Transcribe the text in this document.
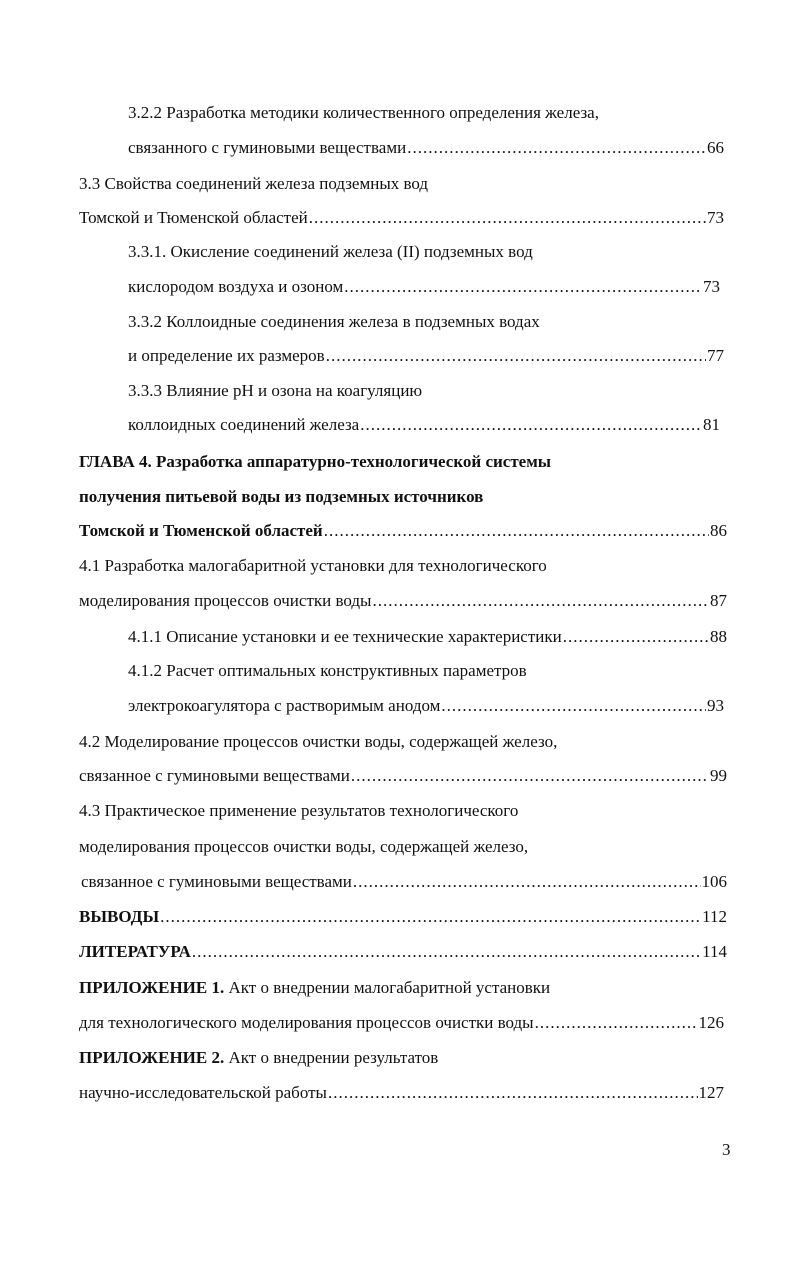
3.2.2 Разработка методики количественного определения железа,
связанного с гуминовыми веществами .....	66
3.3 Свойства соединений железа подземных вод
Томской и Тюменской областей .....	73
3.3.1. Окисление соединений железа (II) подземных вод
кислородом воздуха и озоном .....	73
3.3.2 Коллоидные соединения железа в подземных водах
и определение их размеров .....	77
3.3.3 Влияние рН и озона на коагуляцию
коллоидных соединений железа .....	81
ГЛАВА 4. Разработка аппаратурно-технологической системы
получения питьевой воды из подземных источников
Томской и Тюменской областей .....	86
4.1 Разработка малогабаритной установки для технологического
моделирования процессов очистки воды .....	87
4.1.1 Описание установки и ее технические характеристики .....	88
4.1.2 Расчет оптимальных конструктивных параметров
электрокоагулятора с растворимым анодом .....	93
4.2 Моделирование процессов очистки воды, содержащей железо,
связанное с гуминовыми веществами .....	99
4.3 Практическое применение результатов технологического
моделирования процессов очистки воды, содержащей железо,
связанное с гуминовыми веществами .....	106
ВЫВОДЫ .....	112
ЛИТЕРАТУРА .....	114
ПРИЛОЖЕНИЕ 1. Акт о внедрении малогабаритной установки
для технологического моделирования процессов очистки воды .....	126
ПРИЛОЖЕНИЕ 2. Акт о внедрении результатов
научно-исследовательской работы .....	127
3
